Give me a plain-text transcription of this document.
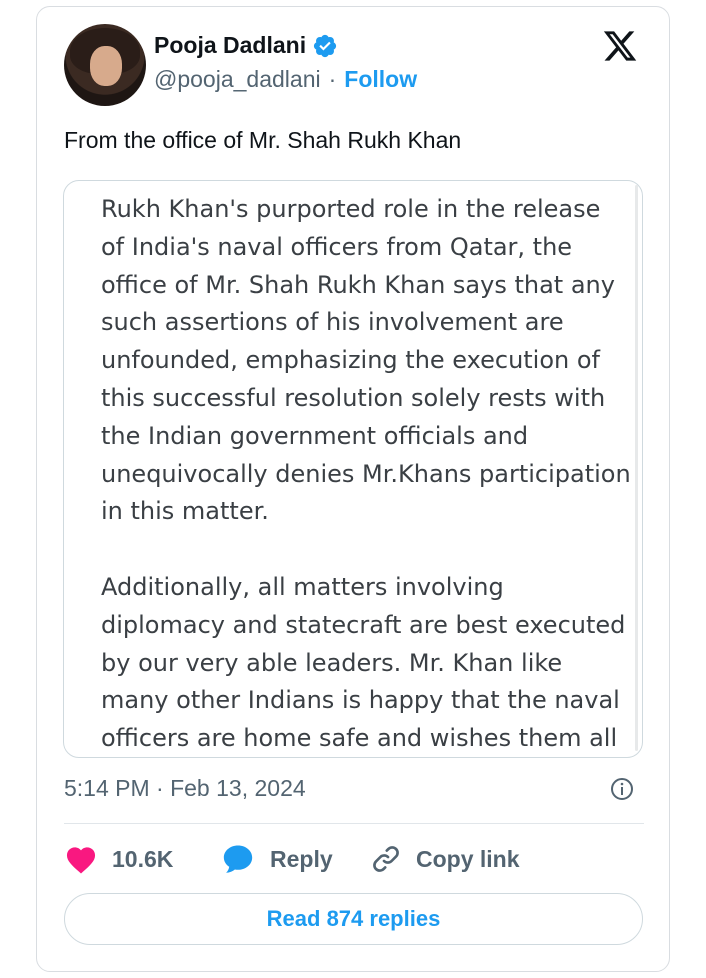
Pooja Dadlani
@pooja_dadlani · Follow
From the office of Mr. Shah Rukh Khan

Rukh Khan's purported role in the release of India's naval officers from Qatar, the office of Mr. Shah Rukh Khan says that any such assertions of his involvement are unfounded, emphasizing the execution of this successful resolution solely rests with the Indian government officials and unequivocally denies Mr.Khans participation in this matter.

Additionally, all matters involving diplomacy and statecraft are best executed by our very able leaders. Mr. Khan like many other Indians is happy that the naval officers are home safe and wishes them all

5:14 PM · Feb 13, 2024
10.6K	Reply	Copy link
Read 874 replies
